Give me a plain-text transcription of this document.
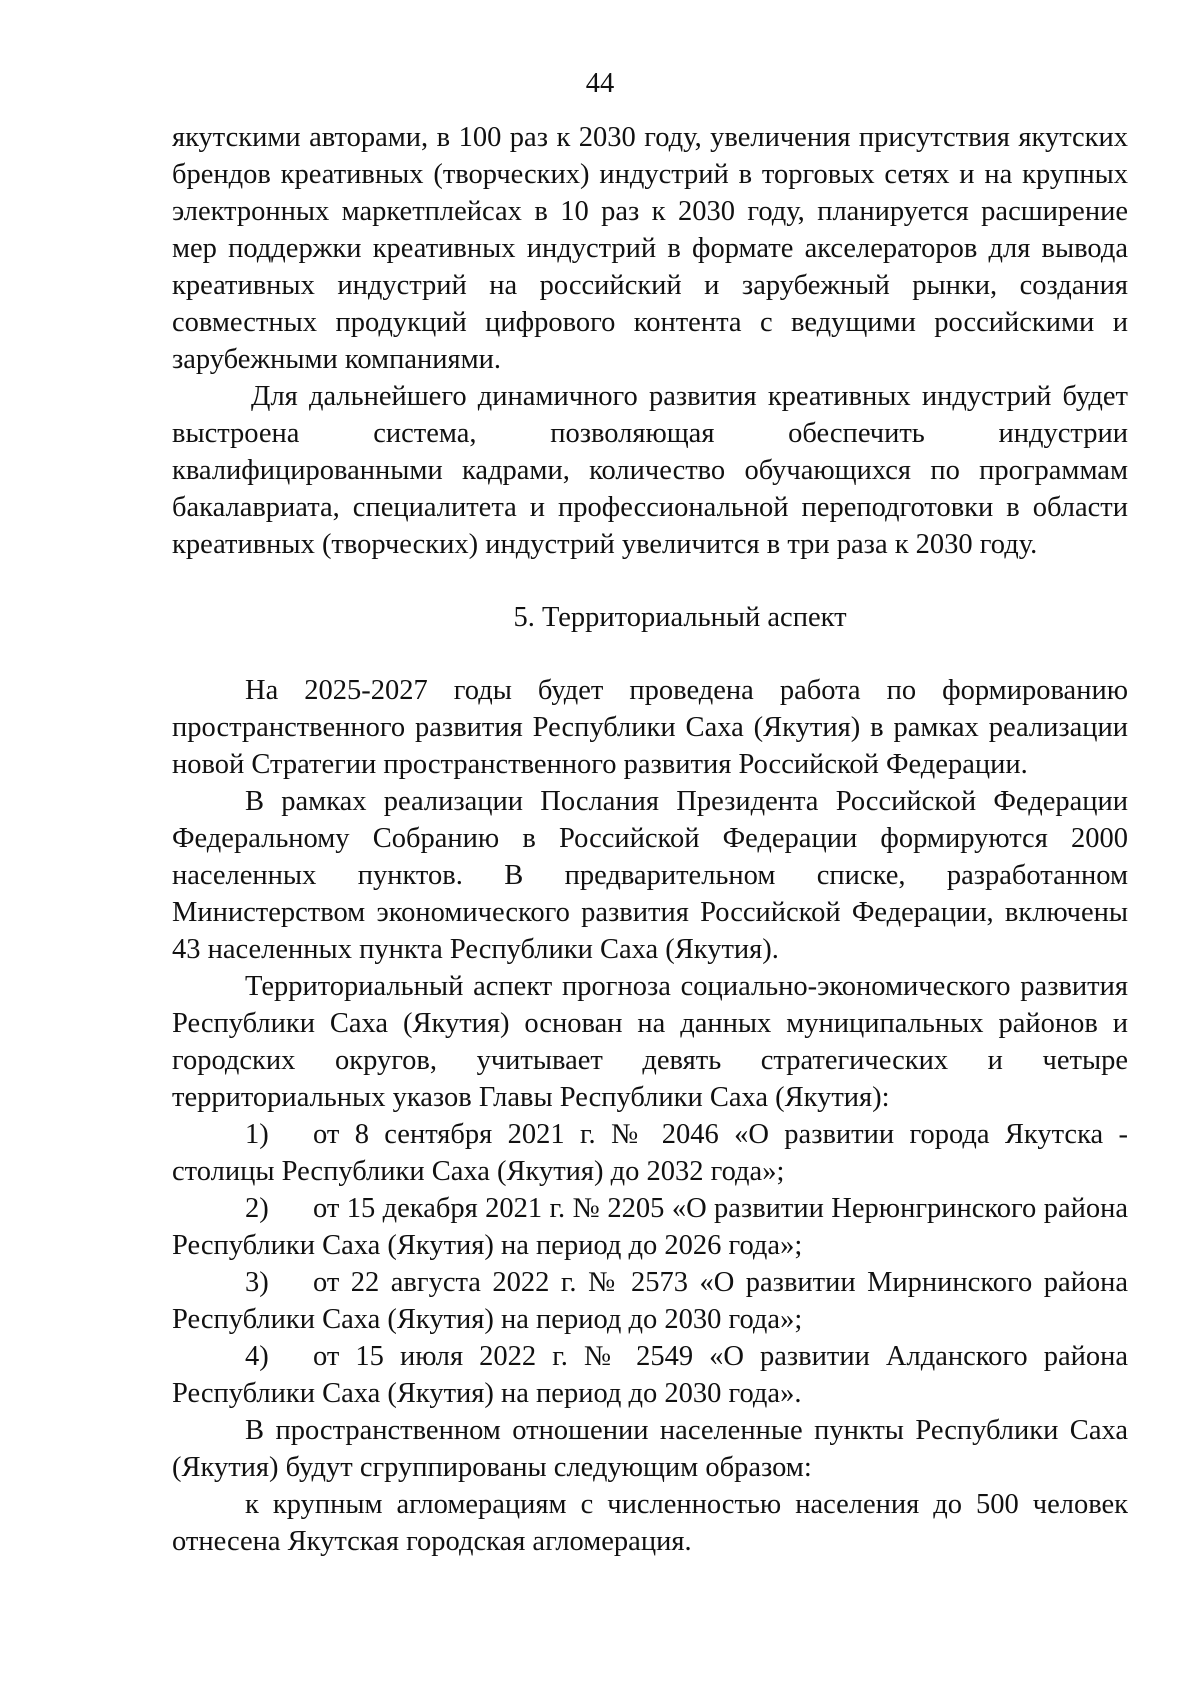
44

якутскими авторами, в 100 раз к 2030 году, увеличения присутствия якутских брендов креативных (творческих) индустрий в торговых сетях и на крупных электронных маркетплейсах в 10 раз к 2030 году, планируется расширение мер поддержки креативных индустрий в формате акселераторов для вывода креативных индустрий на российский и зарубежный рынки, создания совместных продукций цифрового контента с ведущими российскими и зарубежными компаниями.

Для дальнейшего динамичного развития креативных индустрий будет выстроена система, позволяющая обеспечить индустрии квалифицированными кадрами, количество обучающихся по программам бакалавриата, специалитета и профессиональной переподготовки в области креативных (творческих) индустрий увеличится в три раза к 2030 году.

5. Территориальный аспект

На 2025-2027 годы будет проведена работа по формированию пространственного развития Республики Саха (Якутия) в рамках реализации новой Стратегии пространственного развития Российской Федерации.

В рамках реализации Послания Президента Российской Федерации Федеральному Собранию в Российской Федерации формируются 2000 населенных пунктов. В предварительном списке, разработанном Министерством экономического развития Российской Федерации, включены 43 населенных пункта Республики Саха (Якутия).

Территориальный аспект прогноза социально-экономического развития Республики Саха (Якутия) основан на данных муниципальных районов и городских округов, учитывает девять стратегических и четыре территориальных указов Главы Республики Саха (Якутия):

1) от 8 сентября 2021 г. № 2046 «О развитии города Якутска - столицы Республики Саха (Якутия) до 2032 года»;

2) от 15 декабря 2021 г. № 2205 «О развитии Нерюнгринского района Республики Саха (Якутия) на период до 2026 года»;

3) от 22 августа 2022 г. № 2573 «О развитии Мирнинского района Республики Саха (Якутия) на период до 2030 года»;

4) от 15 июля 2022 г. № 2549 «О развитии Алданского района Республики Саха (Якутия) на период до 2030 года».

В пространственном отношении населенные пункты Республики Саха (Якутия) будут сгруппированы следующим образом:

к крупным агломерациям с численностью населения до 500 человек отнесена Якутская городская агломерация.
